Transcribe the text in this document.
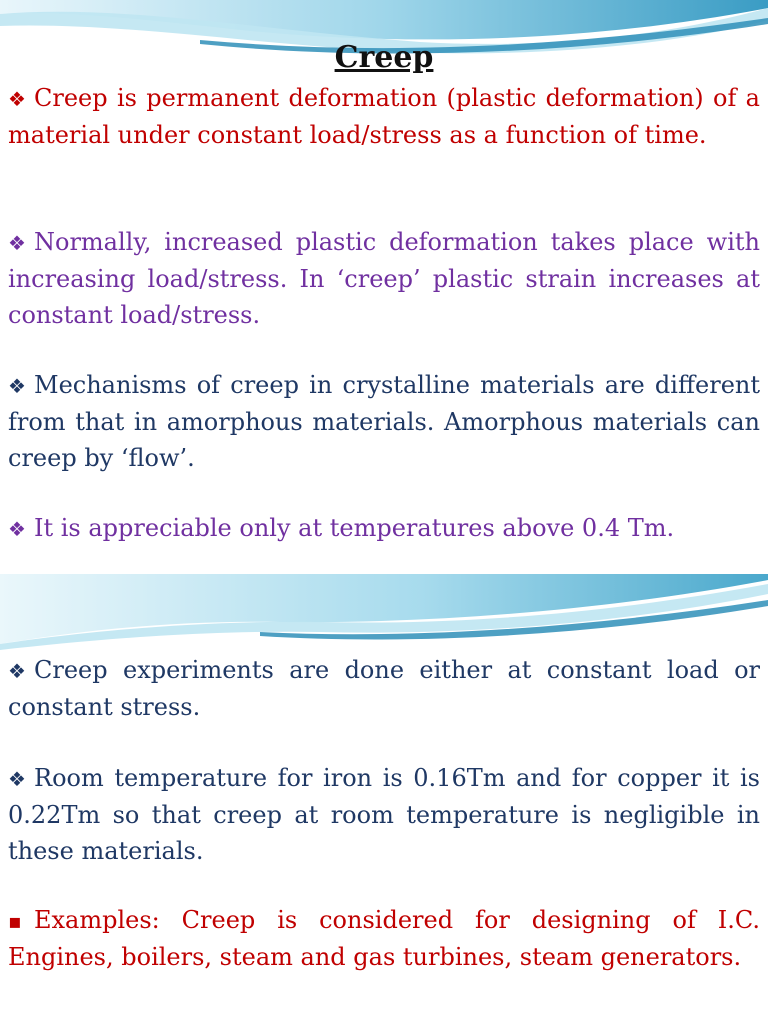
Creep

❖ Creep is permanent deformation (plastic deformation) of a material under constant load/stress as a function of time.

❖ Normally, increased plastic deformation takes place with increasing load/stress. In ‘creep’ plastic strain increases at constant load/stress.

❖ Mechanisms of creep in crystalline materials are different from that in amorphous materials. Amorphous materials can creep by ‘flow’.

❖ It is appreciable only at temperatures above 0.4 Tm.

❖ Creep experiments are done either at constant load or constant stress.

❖ Room temperature for iron is 0.16Tm and for copper it is 0.22Tm so that creep at room temperature is negligible in these materials.

▪ Examples: Creep is considered for designing of I.C. Engines, boilers, steam and gas turbines, steam generators.
